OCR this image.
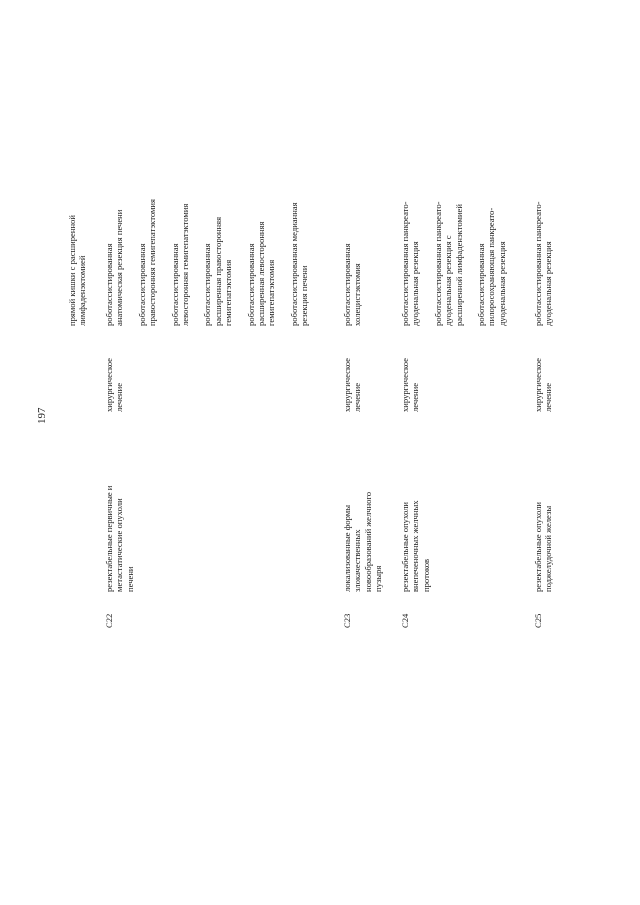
197

прямой кишки с расширенной лимфаденэктомией

C22

резектабельные первичные и метастатические опухоли печени

хирургическое лечение

роботассистированная анатомическая резекция печени роботассистированная правосторонняя гемигепатэктомия роботассистированная левосторонняя гемигепатэктомия роботассистированная расширенная правосторонняя гемигепатэктомия роботассистированная расширенная левосторонняя гемигепатэктомия роботассистированная медианная резекция печени

C23

локализованные формы злокачественных новообразований желчного пузыря

хирургическое лечение

роботассистированная холецистэктомия

C24

резектабельные опухоли внепеченочных желчных протоков

хирургическое лечение

роботассистированная панкреато- дуоденальная резекция роботассистированная панкреато- дуоденальная резекция с расширенной лимфаденэктомией роботассистированная пилоросохраняющая панкреато- дуоденальная резекция

C25

резектабельные опухоли поджелудочной железы

хирургическое лечение

роботассистированная панкреато- дуоденальная резекция
